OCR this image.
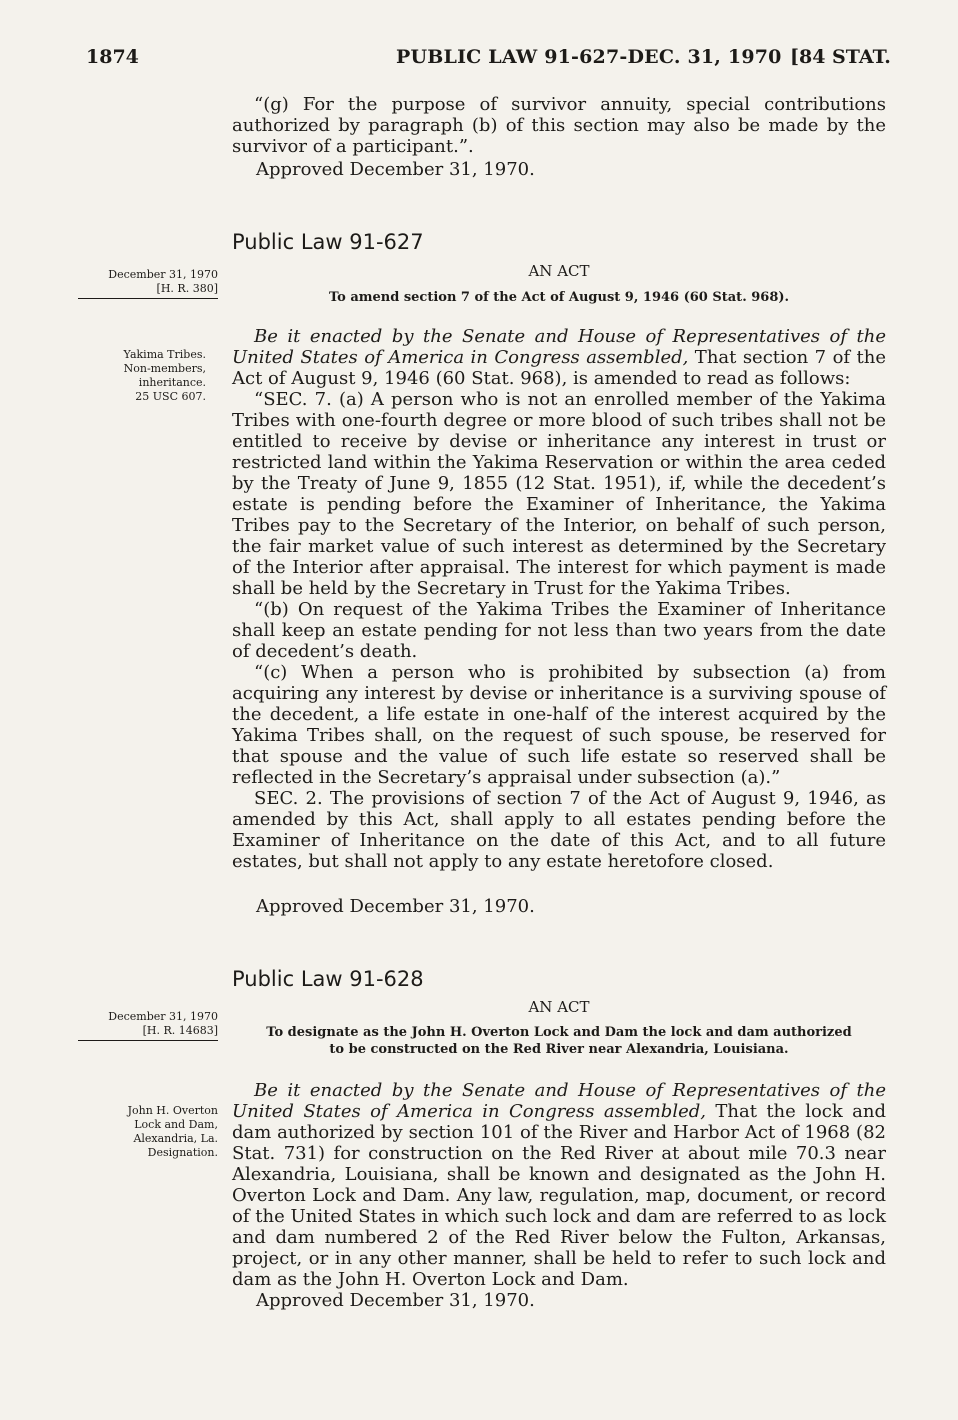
1874	PUBLIC LAW 91-627-DEC. 31, 1970 [84 STAT.

“(g) For the purpose of survivor annuity, special contributions authorized by paragraph (b) of this section may also be made by the survivor of a participant.”.

Approved December 31, 1970.
Public Law 91-627
December 31, 1970
[H. R. 380]
AN ACT
To amend section 7 of the Act of August 9, 1946 (60 Stat. 968).
Yakima Tribes.
Non-members,
inheritance.
25 USC 607.

Be it enacted by the Senate and House of Representatives of the United States of America in Congress assembled, That section 7 of the Act of August 9, 1946 (60 Stat. 968), is amended to read as follows:

“SEC. 7. (a) A person who is not an enrolled member of the Yakima Tribes with one-fourth degree or more blood of such tribes shall not be entitled to receive by devise or inheritance any interest in trust or restricted land within the Yakima Reservation or within the area ceded by the Treaty of June 9, 1855 (12 Stat. 1951), if, while the decedent’s estate is pending before the Examiner of Inheritance, the Yakima Tribes pay to the Secretary of the Interior, on behalf of such person, the fair market value of such interest as determined by the Secretary of the Interior after appraisal. The interest for which payment is made shall be held by the Secretary in Trust for the Yakima Tribes.

“(b) On request of the Yakima Tribes the Examiner of Inheritance shall keep an estate pending for not less than two years from the date of decedent’s death.

“(c) When a person who is prohibited by subsection (a) from acquiring any interest by devise or inheritance is a surviving spouse of the decedent, a life estate in one-half of the interest acquired by the Yakima Tribes shall, on the request of such spouse, be reserved for that spouse and the value of such life estate so reserved shall be reflected in the Secretary’s appraisal under subsection (a).”

SEC. 2. The provisions of section 7 of the Act of August 9, 1946, as amended by this Act, shall apply to all estates pending before the Examiner of Inheritance on the date of this Act, and to all future estates, but shall not apply to any estate heretofore closed.

Approved December 31, 1970.
Public Law 91-628
December 31, 1970
[H. R. 14683]
AN ACT
To designate as the John H. Overton Lock and Dam the lock and dam authorized
to be constructed on the Red River near Alexandria, Louisiana.
John H. Overton
Lock and Dam,
Alexandria, La.
Designation.

Be it enacted by the Senate and House of Representatives of the United States of America in Congress assembled, That the lock and dam authorized by section 101 of the River and Harbor Act of 1968 (82 Stat. 731) for construction on the Red River at about mile 70.3 near Alexandria, Louisiana, shall be known and designated as the John H. Overton Lock and Dam. Any law, regulation, map, document, or record of the United States in which such lock and dam are referred to as lock and dam numbered 2 of the Red River below the Fulton, Arkansas, project, or in any other manner, shall be held to refer to such lock and dam as the John H. Overton Lock and Dam.

Approved December 31, 1970.
